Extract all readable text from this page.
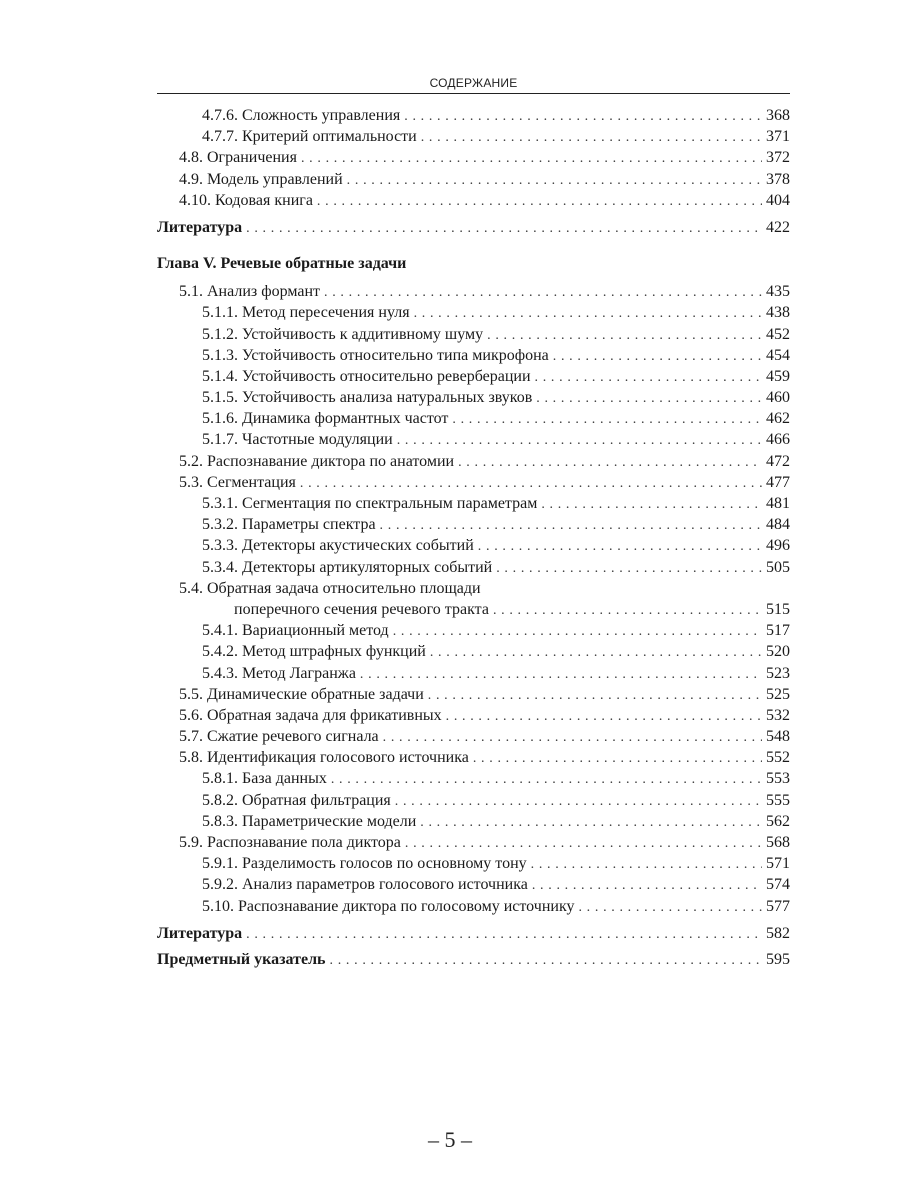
СОДЕРЖАНИЕ
4.7.6. Сложность управления . . .	368
4.7.7. Критерий оптимальности . . .	371
4.8. Ограничения . . .	372
4.9. Модель управлений . . .	378
4.10. Кодовая книга . . .	404
Литература . . .	422
Глава V. Речевые обратные задачи
5.1. Анализ формант . . .	435
5.1.1. Метод пересечения нуля . . .	438
5.1.2. Устойчивость к аддитивному шуму . . .	452
5.1.3. Устойчивость относительно типа микрофона . . .	454
5.1.4. Устойчивость относительно реверберации . . .	459
5.1.5. Устойчивость анализа натуральных звуков . . .	460
5.1.6. Динамика формантных частот . . .	462
5.1.7. Частотные модуляции . . .	466
5.2. Распознавание диктора по анатомии . . .	472
5.3. Сегментация . . .	477
5.3.1. Сегментация по спектральным параметрам . . .	481
5.3.2. Параметры спектра . . .	484
5.3.3. Детекторы акустических событий . . .	496
5.3.4. Детекторы артикуляторных событий . . .	505
5.4. Обратная задача относительно площади
поперечного сечения речевого тракта . . .	515
5.4.1. Вариационный метод . . .	517
5.4.2. Метод штрафных функций . . .	520
5.4.3. Метод Лагранжа . . .	523
5.5. Динамические обратные задачи . . .	525
5.6. Обратная задача для фрикативных . . .	532
5.7. Сжатие речевого сигнала . . .	548
5.8. Идентификация голосового источника . . .	552
5.8.1. База данных . . .	553
5.8.2. Обратная фильтрация . . .	555
5.8.3. Параметрические модели . . .	562
5.9. Распознавание пола диктора . . .	568
5.9.1. Разделимость голосов по основному тону . . .	571
5.9.2. Анализ параметров голосового источника . . .	574
5.10. Распознавание диктора по голосовому источнику . . .	577
Литература . . .	582
Предметный указатель . . .	595
– 5 –
